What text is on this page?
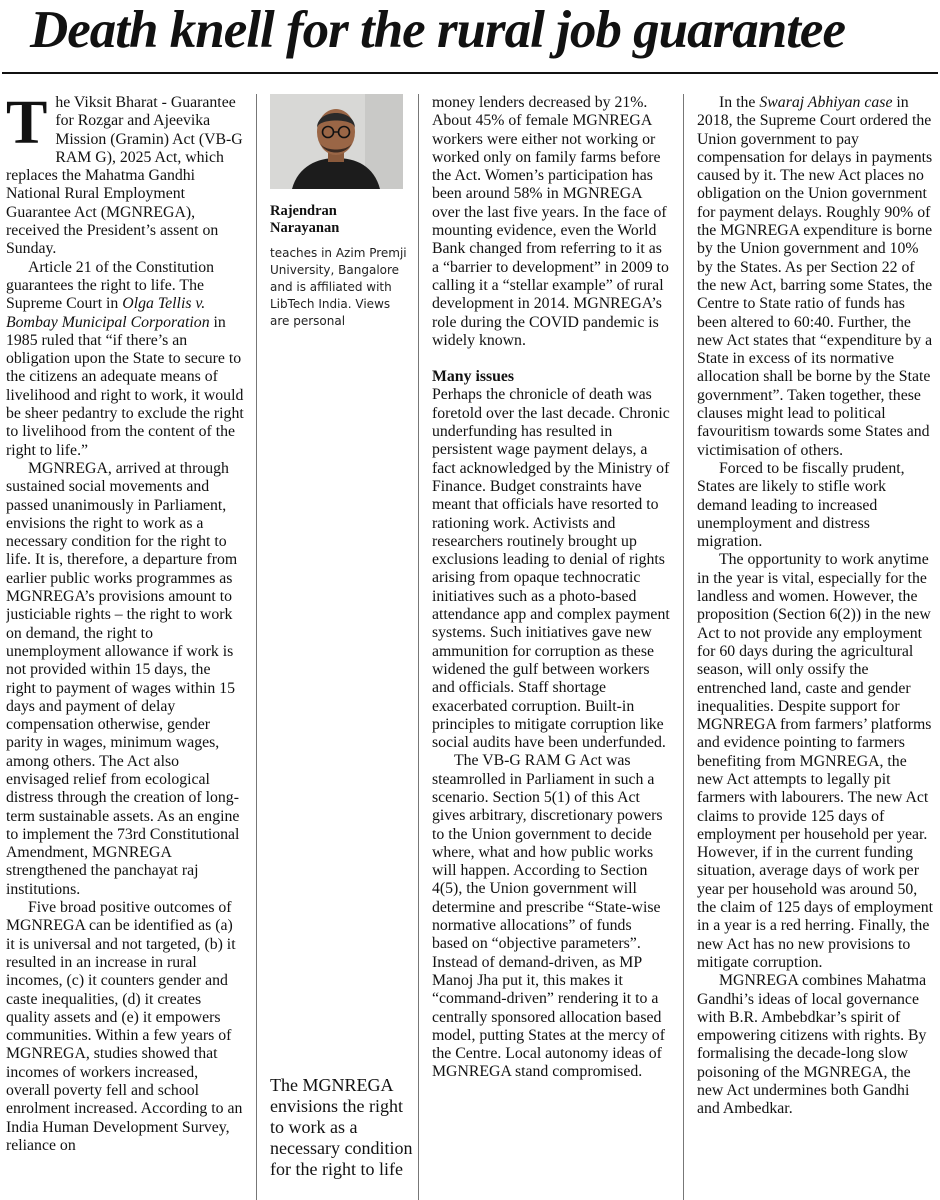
Death knell for the rural job guarantee

The Viksit Bharat - Guarantee for Rozgar and Ajeevika Mission (Gramin) Act (VB-G RAM G), 2025 Act, which replaces the Mahatma Gandhi National Rural Employment Guarantee Act (MGNREGA), received the President’s assent on Sunday.

Article 21 of the Constitution guarantees the right to life. The Supreme Court in Olga Tellis v. Bombay Municipal Corporation in 1985 ruled that “if there’s an obligation upon the State to secure to the citizens an adequate means of livelihood and right to work, it would be sheer pedantry to exclude the right to livelihood from the content of the right to life.”

MGNREGA, arrived at through sustained social movements and passed unanimously in Parliament, envisions the right to work as a necessary condition for the right to life. It is, therefore, a departure from earlier public works programmes as MGNREGA’s provisions amount to justiciable rights – the right to work on demand, the right to unemployment allowance if work is not provided within 15 days, the right to payment of wages within 15 days and payment of delay compensation otherwise, gender parity in wages, minimum wages, among others. The Act also envisaged relief from ecological distress through the creation of long-term sustainable assets. As an engine to implement the 73rd Constitutional Amendment, MGNREGA strengthened the panchayat raj institutions.

Five broad positive outcomes of MGNREGA can be identified as (a) it is universal and not targeted, (b) it resulted in an increase in rural incomes, (c) it counters gender and caste inequalities, (d) it creates quality assets and (e) it empowers communities. Within a few years of MGNREGA, studies showed that incomes of workers increased, overall poverty fell and school enrolment increased. According to an India Human Development Survey, reliance on

Rajendran
Narayanan
teaches in Azim Premji University, Bangalore and is affiliated with LibTech India. Views are personal
The MGNREGA envisions the right to work as a necessary condition for the right to life

money lenders decreased by 21%. About 45% of female MGNREGA workers were either not working or worked only on family farms before the Act. Women’s participation has been around 58% in MGNREGA over the last five years. In the face of mounting evidence, even the World Bank changed from referring to it as a “barrier to development” in 2009 to calling it a “stellar example” of rural development in 2014. MGNREGA’s role during the COVID pandemic is widely known.

Many issues

Perhaps the chronicle of death was foretold over the last decade. Chronic underfunding has resulted in persistent wage payment delays, a fact acknowledged by the Ministry of Finance. Budget constraints have meant that officials have resorted to rationing work. Activists and researchers routinely brought up exclusions leading to denial of rights arising from opaque technocratic initiatives such as a photo-based attendance app and complex payment systems. Such initiatives gave new ammunition for corruption as these widened the gulf between workers and officials. Staff shortage exacerbated corruption. Built-in principles to mitigate corruption like social audits have been underfunded.

The VB-G RAM G Act was steamrolled in Parliament in such a scenario. Section 5(1) of this Act gives arbitrary, discretionary powers to the Union government to decide where, what and how public works will happen. According to Section 4(5), the Union government will determine and prescribe “State-wise normative allocations” of funds based on “objective parameters”. Instead of demand-driven, as MP Manoj Jha put it, this makes it “command-driven” rendering it to a centrally sponsored allocation based model, putting States at the mercy of the Centre. Local autonomy ideas of MGNREGA stand compromised.

In the Swaraj Abhiyan case in 2018, the Supreme Court ordered the Union government to pay compensation for delays in payments caused by it. The new Act places no obligation on the Union government for payment delays. Roughly 90% of the MGNREGA expenditure is borne by the Union government and 10% by the States. As per Section 22 of the new Act, barring some States, the Centre to State ratio of funds has been altered to 60:40. Further, the new Act states that “expenditure by a State in excess of its normative allocation shall be borne by the State government”. Taken together, these clauses might lead to political favouritism towards some States and victimisation of others.

Forced to be fiscally prudent, States are likely to stifle work demand leading to increased unemployment and distress migration.

The opportunity to work anytime in the year is vital, especially for the landless and women. However, the proposition (Section 6(2)) in the new Act to not provide any employment for 60 days during the agricultural season, will only ossify the entrenched land, caste and gender inequalities. Despite support for MGNREGA from farmers’ platforms and evidence pointing to farmers benefiting from MGNREGA, the new Act attempts to legally pit farmers with labourers. The new Act claims to provide 125 days of employment per household per year. However, if in the current funding situation, average days of work per year per household was around 50, the claim of 125 days of employment in a year is a red herring. Finally, the new Act has no new provisions to mitigate corruption.

MGNREGA combines Mahatma Gandhi’s ideas of local governance with B.R. Ambebdkar’s spirit of empowering citizens with rights. By formalising the decade-long slow poisoning of the MGNREGA, the new Act undermines both Gandhi and Ambedkar.
